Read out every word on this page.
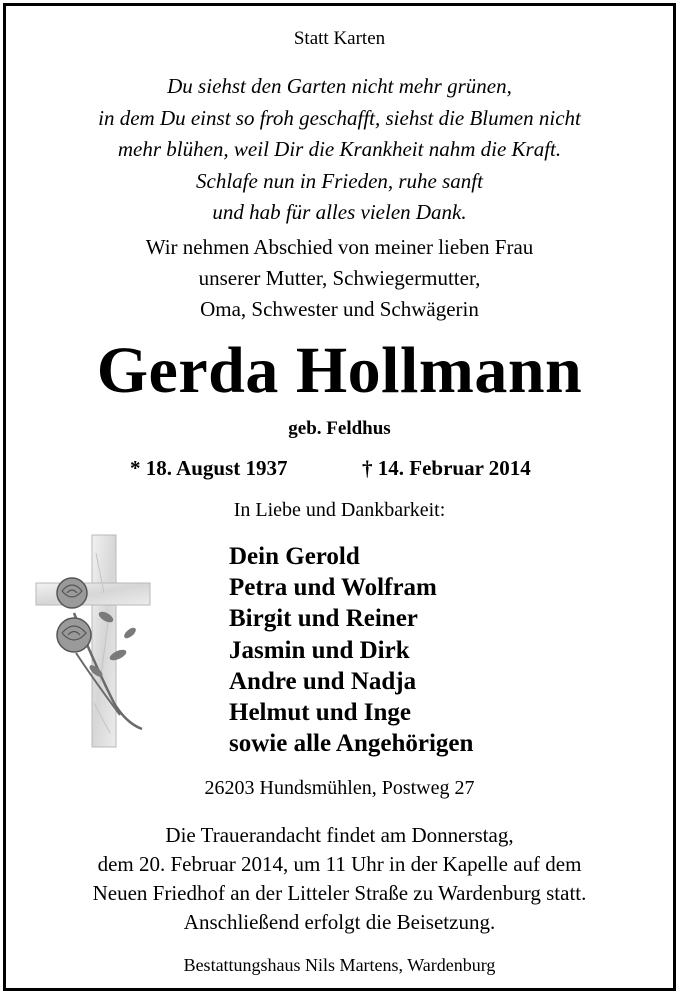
Statt Karten
Du siehst den Garten nicht mehr grünen,
in dem Du einst so froh geschafft, siehst die Blumen nicht
mehr blühen, weil Dir die Krankheit nahm die Kraft.
Schlafe nun in Frieden, ruhe sanft
und hab für alles vielen Dank.
Wir nehmen Abschied von meiner lieben Frau
unserer Mutter, Schwiegermutter,
Oma, Schwester und Schwägerin
Gerda Hollmann
geb. Feldhus
* 18. August 1937	† 14. Februar 2014
In Liebe und Dankbarkeit:
Dein Gerold
Petra und Wolfram
Birgit und Reiner
Jasmin und Dirk
Andre und Nadja
Helmut und Inge
sowie alle Angehörigen
26203 Hundsmühlen, Postweg 27
Die Trauerandacht findet am Donnerstag,
dem 20. Februar 2014, um 11 Uhr in der Kapelle auf dem
Neuen Friedhof an der Litteler Straße zu Wardenburg statt.
Anschließend erfolgt die Beisetzung.
Bestattungshaus Nils Martens, Wardenburg
